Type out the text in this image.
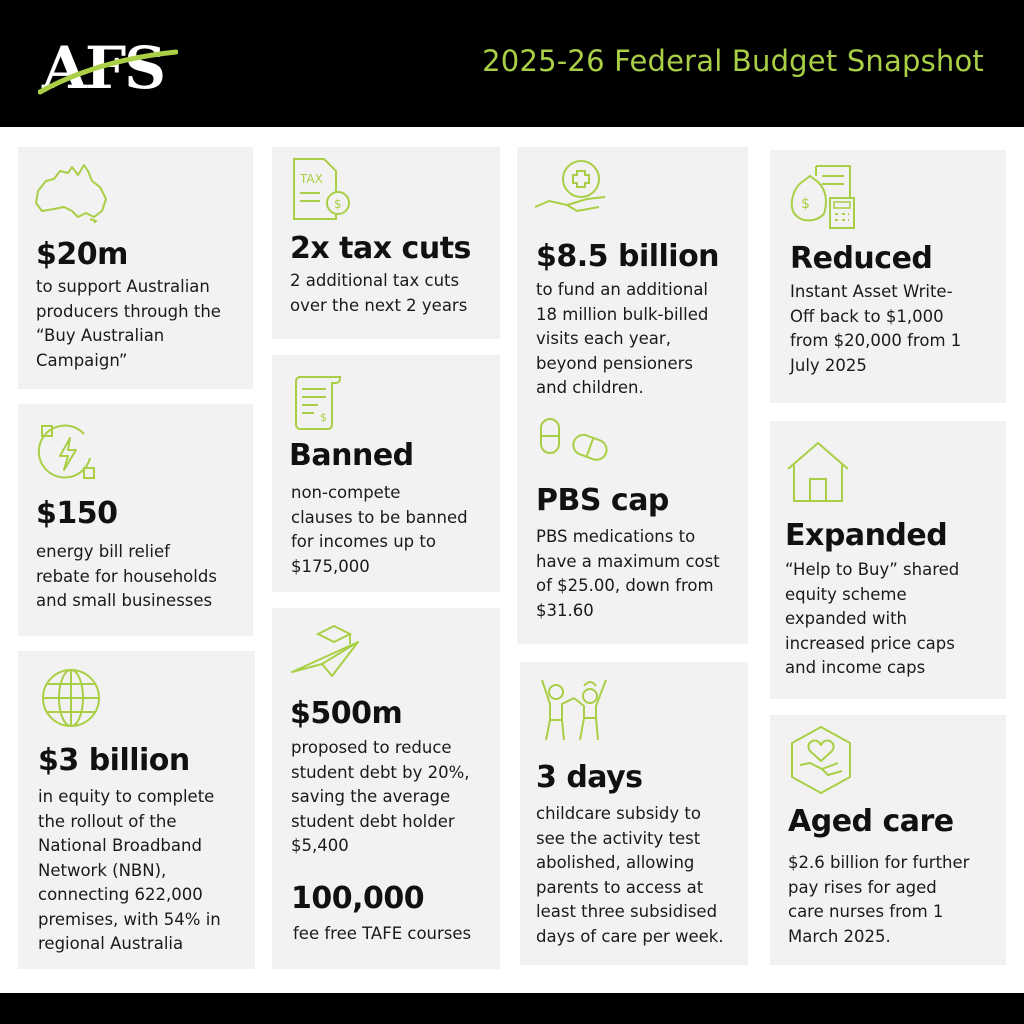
AFS	2025-26 Federal Budget Snapshot
$20m
to support Australian
producers through the
“Buy Australian
Campaign”
$150
energy bill relief
rebate for households
and small businesses
$3 billion
in equity to complete
the rollout of the
National Broadband
Network (NBN),
connecting 622,000
premises, with 54% in
regional Australia
TAX
$
2x tax cuts
2 additional tax cuts
over the next 2 years
$
Banned
non-compete
clauses to be banned
for incomes up to
$175,000
$500m
proposed to reduce
student debt by 20%,
saving the average
student debt holder
$5,400
100,000
fee free TAFE courses
$8.5 billion
to fund an additional
18 million bulk-billed
visits each year,
beyond pensioners
and children.
PBS cap
PBS medications to
have a maximum cost
of $25.00, down from
$31.60
3 days
childcare subsidy to
see the activity test
abolished, allowing
parents to access at
least three subsidised
days of care per week.
$
Reduced
Instant Asset Write-
Off back to $1,000
from $20,000 from 1
July 2025
Expanded
“Help to Buy” shared
equity scheme
expanded with
increased price caps
and income caps
Aged care
$2.6 billion for further
pay rises for aged
care nurses from 1
March 2025.
